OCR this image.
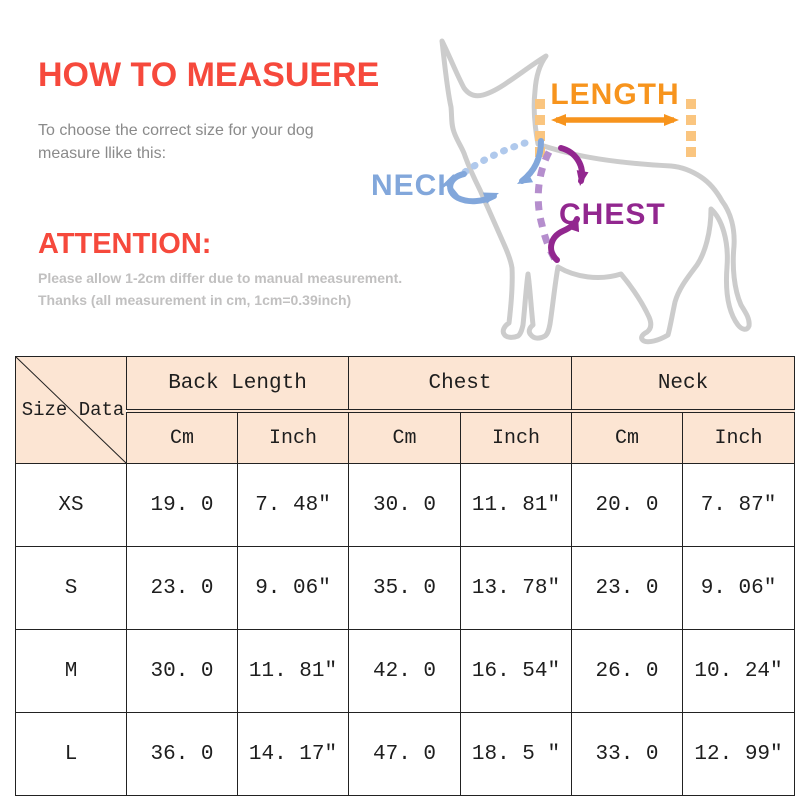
HOW TO MEASUERE
To choose the correct size for your dog
measure llike this:
ATTENTION:
Please allow 1-2cm differ due to manual measurement.
Thanks (all measurement in cm, 1cm=0.39inch)
LENGTH
NECK
CHEST
Size Data	Back Length		Chest		Neck	
	Cm	Inch	Cm	Inch	Cm	Inch
XS	19. 0	7. 48″	30. 0	11. 81″	20. 0	7. 87″
S	23. 0	9. 06″	35. 0	13. 78″	23. 0	9. 06″
M	30. 0	11. 81″	42. 0	16. 54″	26. 0	10. 24″
L	36. 0	14. 17″	47. 0	18. 5 ″	33. 0	12. 99″
